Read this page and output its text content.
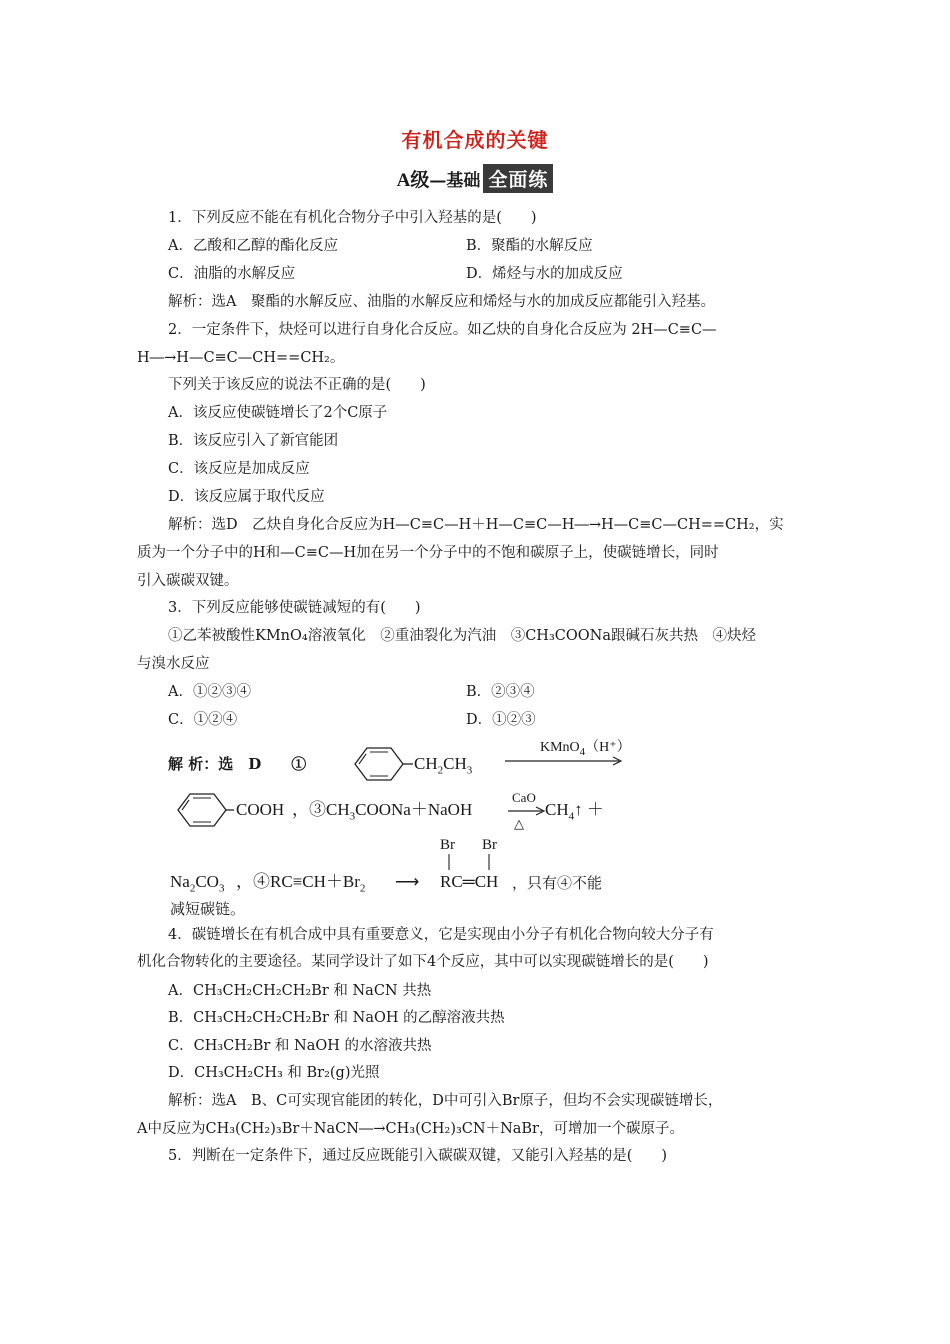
有机合成的关键
A级—基础 全面练
1．下列反应不能在有机化合物分子中引入羟基的是(　　)
A．乙酸和乙醇的酯化反应	B．聚酯的水解反应
C．油脂的水解反应	D．烯烃与水的加成反应
解析：选A　聚酯的水解反应、油脂的水解反应和烯烃与水的加成反应都能引入羟基。
2．一定条件下，炔烃可以进行自身化合反应。如乙炔的自身化合反应为 2H—C≡C—
H―→H—C≡C—CH==CH₂。
下列关于该反应的说法不正确的是(　　)
A．该反应使碳链增长了2个C原子
B．该反应引入了新官能团
C．该反应是加成反应
D．该反应属于取代反应
解析：选D　乙炔自身化合反应为H—C≡C—H＋H—C≡C—H―→H—C≡C—CH==CH₂，实
质为一个分子中的H和—C≡C—H加在另一个分子中的不饱和碳原子上，使碳链增长，同时
引入碳碳双键。
3．下列反应能够使碳链减短的有(　　)
①乙苯被酸性KMnO₄溶液氧化　②重油裂化为汽油　③CH₃COONa跟碱石灰共热　④炔烃
与溴水反应
A．①②③④	B．②③④
C．①②④	D．①②③
解 析：选　D　　①	$CH_2CH_3$
KMnO$_4$（H⁺）
COOH ，$③CH_3COONa+NaOH$
CaO
△
$CH_4↑$ ＋
Br Br
$Na_2CO_3$ ，$④RC\equiv CH+Br_2$ ⟶ RC═CH ，只有④不能
减短碳链。
4．碳链增长在有机合成中具有重要意义，它是实现由小分子有机化合物向较大分子有
机化合物转化的主要途径。某同学设计了如下4个反应，其中可以实现碳链增长的是(　　)
A．CH₃CH₂CH₂CH₂Br 和 NaCN 共热
B．CH₃CH₂CH₂CH₂Br 和 NaOH 的乙醇溶液共热
C．CH₃CH₂Br 和 NaOH 的水溶液共热
D．CH₃CH₂CH₃ 和 Br₂(g)光照
解析：选A　B、C可实现官能团的转化，D中可引入Br原子，但均不会实现碳链增长，
A中反应为CH₃(CH₂)₃Br＋NaCN―→CH₃(CH₂)₃CN＋NaBr，可增加一个碳原子。
5．判断在一定条件下，通过反应既能引入碳碳双键，又能引入羟基的是(　　)
